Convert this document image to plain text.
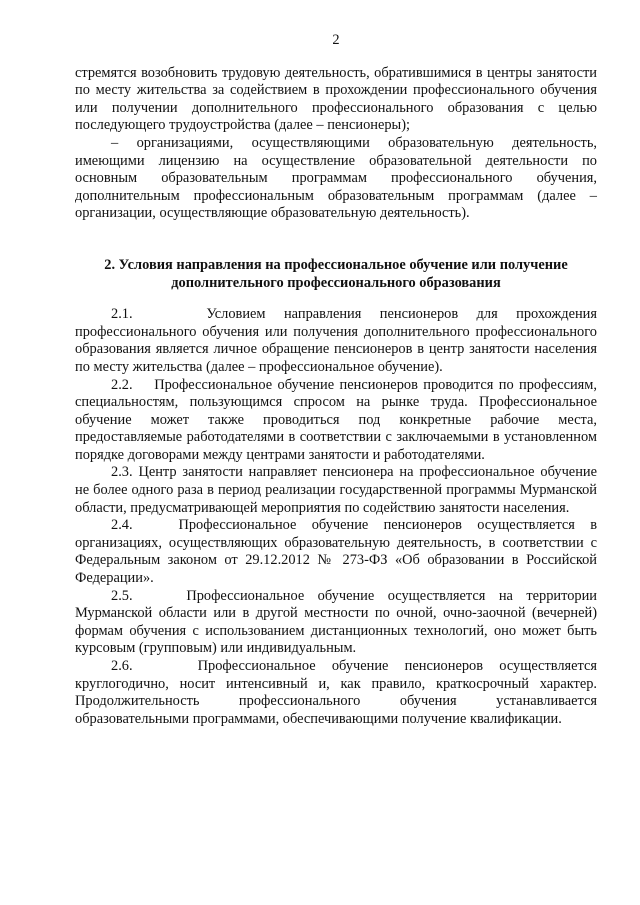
2

стремятся возобновить трудовую деятельность, обратившимися в центры занятости по месту жительства за содействием в прохождении профессионального обучения или получении дополнительного профессионального образования с целью последующего трудоустройства (далее – пенсионеры);

– организациями, осуществляющими образовательную деятельность, имеющими лицензию на осуществление образовательной деятельности по основным образовательным программам профессионального обучения, дополнительным профессиональным образовательным программам (далее – организации, осуществляющие образовательную деятельность).

2. Условия направления на профессиональное обучение или получение дополнительного профессионального образования

2.1.	Условием направления пенсионеров для прохождения профессионального обучения или получения дополнительного профессионального образования является личное обращение пенсионеров в центр занятости населения по месту жительства (далее – профессиональное обучение).

2.2. Профессиональное обучение пенсионеров проводится по профессиям, специальностям, пользующимся спросом на рынке труда. Профессиональное обучение может также проводиться под конкретные рабочие места, предоставляемые работодателями в соответствии с заключаемыми в установленном порядке договорами между центрами занятости и работодателями.

2.3. Центр занятости направляет пенсионера на профессиональное обучение не более одного раза в период реализации государственной программы Мурманской области, предусматривающей мероприятия по содействию занятости населения.

2.4.	Профессиональное обучение пенсионеров осуществляется в организациях, осуществляющих образовательную деятельность, в соответствии с Федеральным законом от 29.12.2012 № 273-ФЗ «Об образовании в Российской Федерации».

2.5.	Профессиональное обучение осуществляется на территории Мурманской области или в другой местности по очной, очно-заочной (вечерней) формам обучения с использованием дистанционных технологий, оно может быть курсовым (групповым) или индивидуальным.

2.6.	Профессиональное обучение пенсионеров осуществляется круглогодично, носит интенсивный и, как правило, краткосрочный характер. Продолжительность профессионального обучения устанавливается образовательными программами, обеспечивающими получение квалификации.
